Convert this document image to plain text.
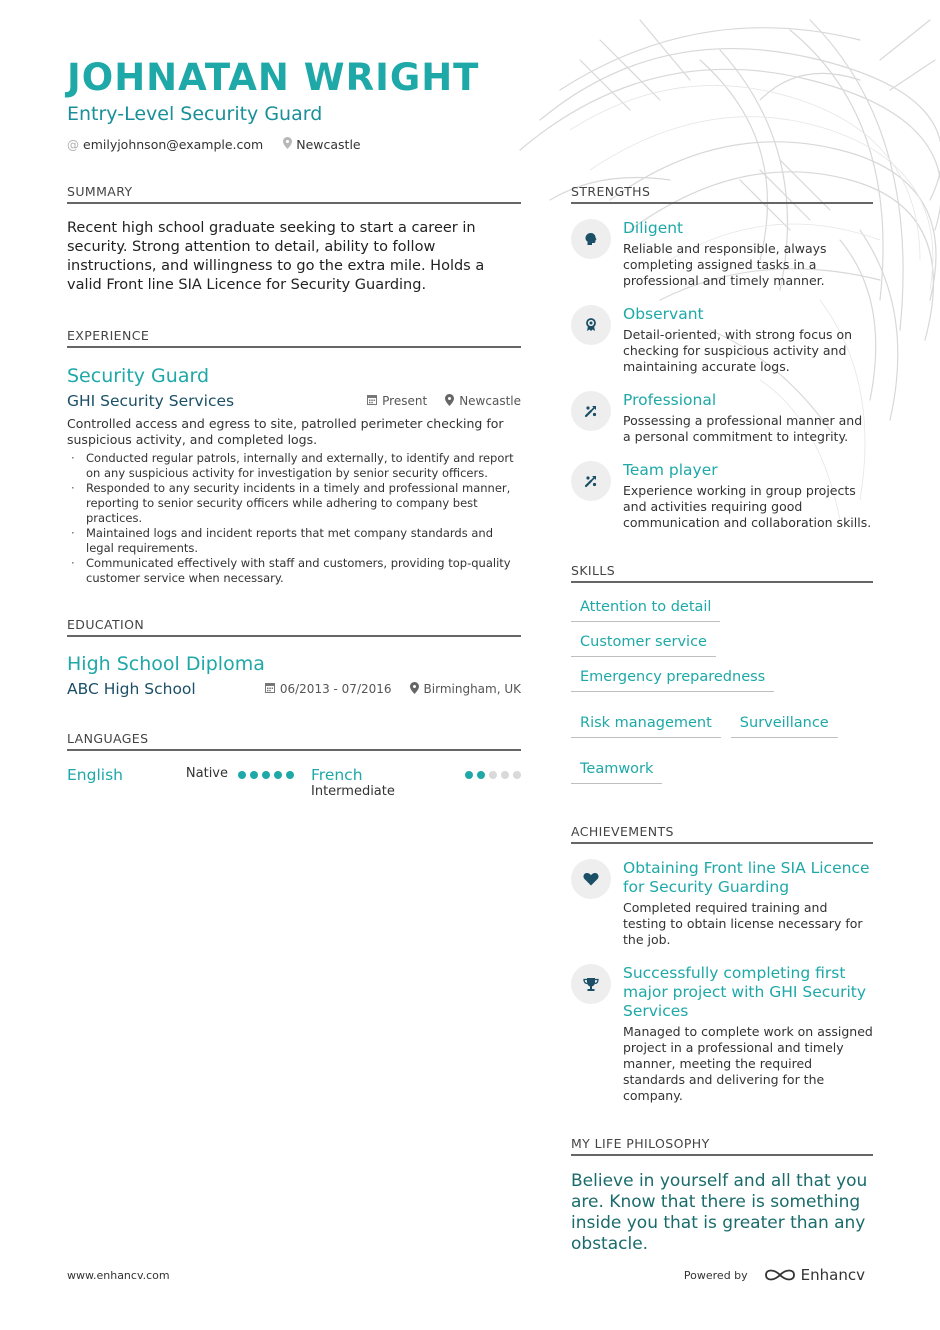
JOHNATAN WRIGHT
Entry-Level Security Guard
@ emilyjohnson@example.com	Newcastle
SUMMARY
Recent high school graduate seeking to start a career in security. Strong attention to detail, ability to follow instructions, and willingness to go the extra mile. Holds a valid Front line SIA Licence for Security Guarding.
EXPERIENCE
Security Guard
GHI Security Services	Present	Newcastle
Controlled access and egress to site, patrolled perimeter checking for suspicious activity, and completed logs.
· Conducted regular patrols, internally and externally, to identify and report on any suspicious activity for investigation by senior security officers.
· Responded to any security incidents in a timely and professional manner, reporting to senior security officers while adhering to company best practices.
· Maintained logs and incident reports that met company standards and legal requirements.
· Communicated effectively with staff and customers, providing top-quality customer service when necessary.
EDUCATION
High School Diploma
ABC High School	06/2013 - 07/2016	Birmingham, UK
LANGUAGES
English	Native	French
Intermediate
STRENGTHS
Diligent
Reliable and responsible, always completing assigned tasks in a professional and timely manner.
Observant
Detail-oriented, with strong focus on checking for suspicious activity and maintaining accurate logs.
Professional
Possessing a professional manner and a personal commitment to integrity.
Team player
Experience working in group projects and activities requiring good communication and collaboration skills.
SKILLS
Attention to detail
Customer service
Emergency preparedness
Risk management	Surveillance
Teamwork
ACHIEVEMENTS
Obtaining Front line SIA Licence for Security Guarding
Completed required training and testing to obtain license necessary for the job.
Successfully completing first major project with GHI Security Services
Managed to complete work on assigned project in a professional and timely manner, meeting the required standards and delivering for the company.
MY LIFE PHILOSOPHY
Believe in yourself and all that you are. Know that there is something inside you that is greater than any obstacle.
www.enhancv.com	Powered by	Enhancv
